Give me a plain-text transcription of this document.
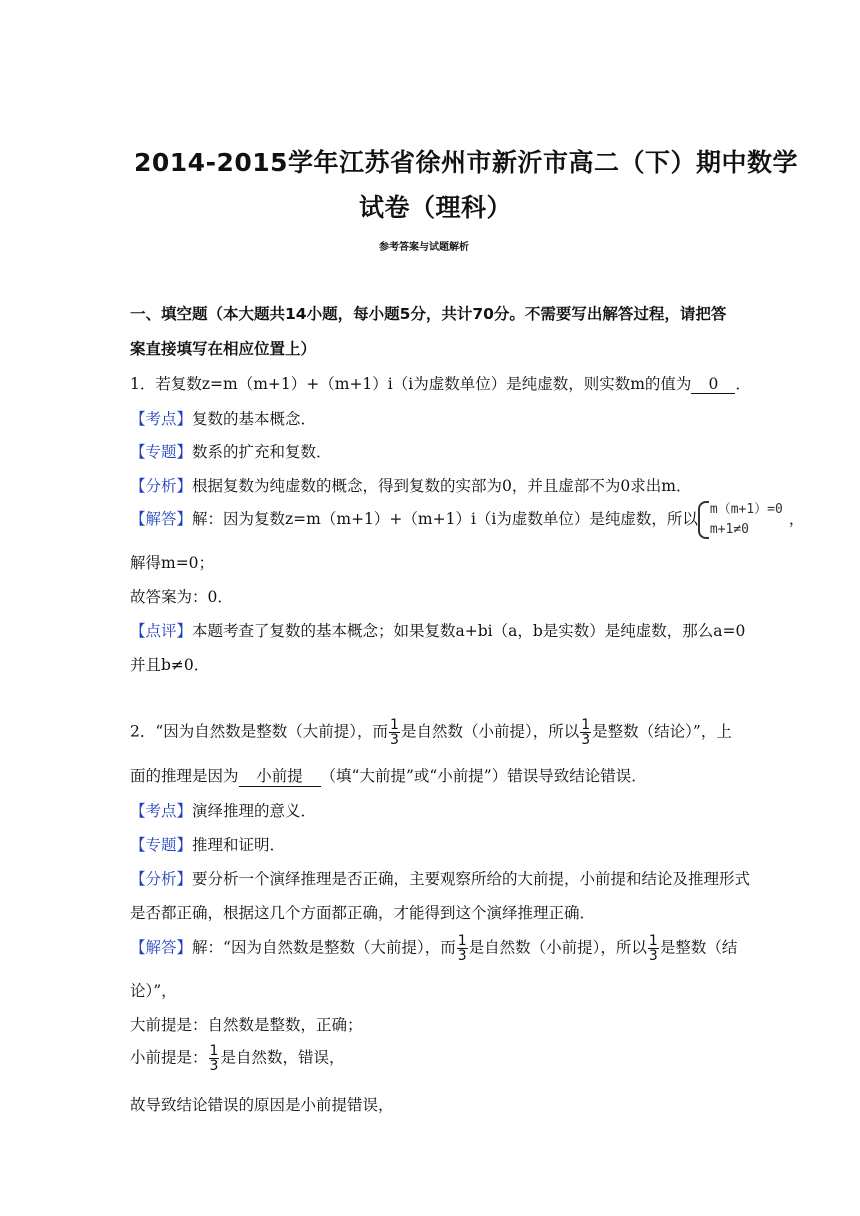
2014-2015学年江苏省徐州市新沂市高二（下）期中数学
试卷（理科）
参考答案与试题解析
一、填空题（本大题共14小题，每小题5分，共计70分。不需要写出解答过程，请把答
案直接填写在相应位置上）
1．若复数z=m（m+1）+（m+1）i（i为虚数单位）是纯虚数，则实数m的值为 0 ．
【考点】复数的基本概念．
【专题】数系的扩充和复数．
【分析】根据复数为纯虚数的概念，得到复数的实部为0，并且虚部不为0求出m．
【解答】解：因为复数z=m（m+1）+（m+1）i（i为虚数单位）是纯虚数，所以
m（m+1）=0
m+1≠0
，
解得m=0；
故答案为：0．
【点评】本题考查了复数的基本概念；如果复数a+bi（a，b是实数）是纯虚数，那么a=0
并且b≠0．
2．“因为自然数是整数（大前提），而 $\frac{1}{3}$ 是自然数（小前提），所以 $\frac{1}{3}$ 是整数（结论）”，上
面的推理是因为 小前提 （填“大前提”或“小前提”）错误导致结论错误．
【考点】演绎推理的意义．
【专题】推理和证明．
【分析】要分析一个演绎推理是否正确，主要观察所给的大前提，小前提和结论及推理形式
是否都正确，根据这几个方面都正确，才能得到这个演绎推理正确．
【解答】解：“因为自然数是整数（大前提），而 $\frac{1}{3}$ 是自然数（小前提），所以 $\frac{1}{3}$ 是整数（结
论）”，
大前提是：自然数是整数，正确；
小前提是： $\frac{1}{3}$ 是自然数，错误，
故导致结论错误的原因是小前提错误，
